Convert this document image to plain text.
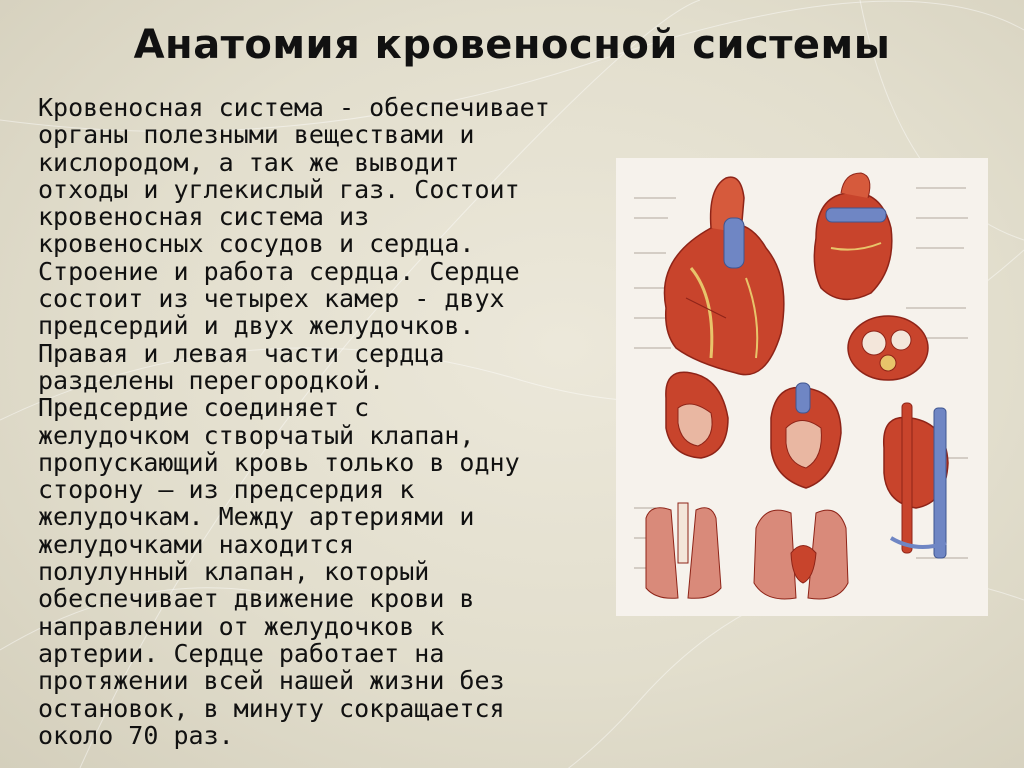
Анатомия кровеносной системы
Кровеносная система - обеспечивает
органы полезными веществами и
кислородом, а так же выводит
отходы и углекислый газ. Состоит
кровеносная система из
кровеносных сосудов и сердца.
Строение и работа сердца. Сердце
состоит из четырех камер - двух
предсердий и двух желудочков.
Правая и левая части сердца
разделены перегородкой.
Предсердие соединяет с
желудочком створчатый клапан,
пропускающий кровь только в одну
сторону – из предсердия к
желудочкам. Между артериями и
желудочками находится
полулунный клапан, который
обеспечивает движение крови в
направлении от желудочков к
артерии. Сердце работает на
протяжении всей нашей жизни без
остановок, в минуту сокращается
около 70 раз.
